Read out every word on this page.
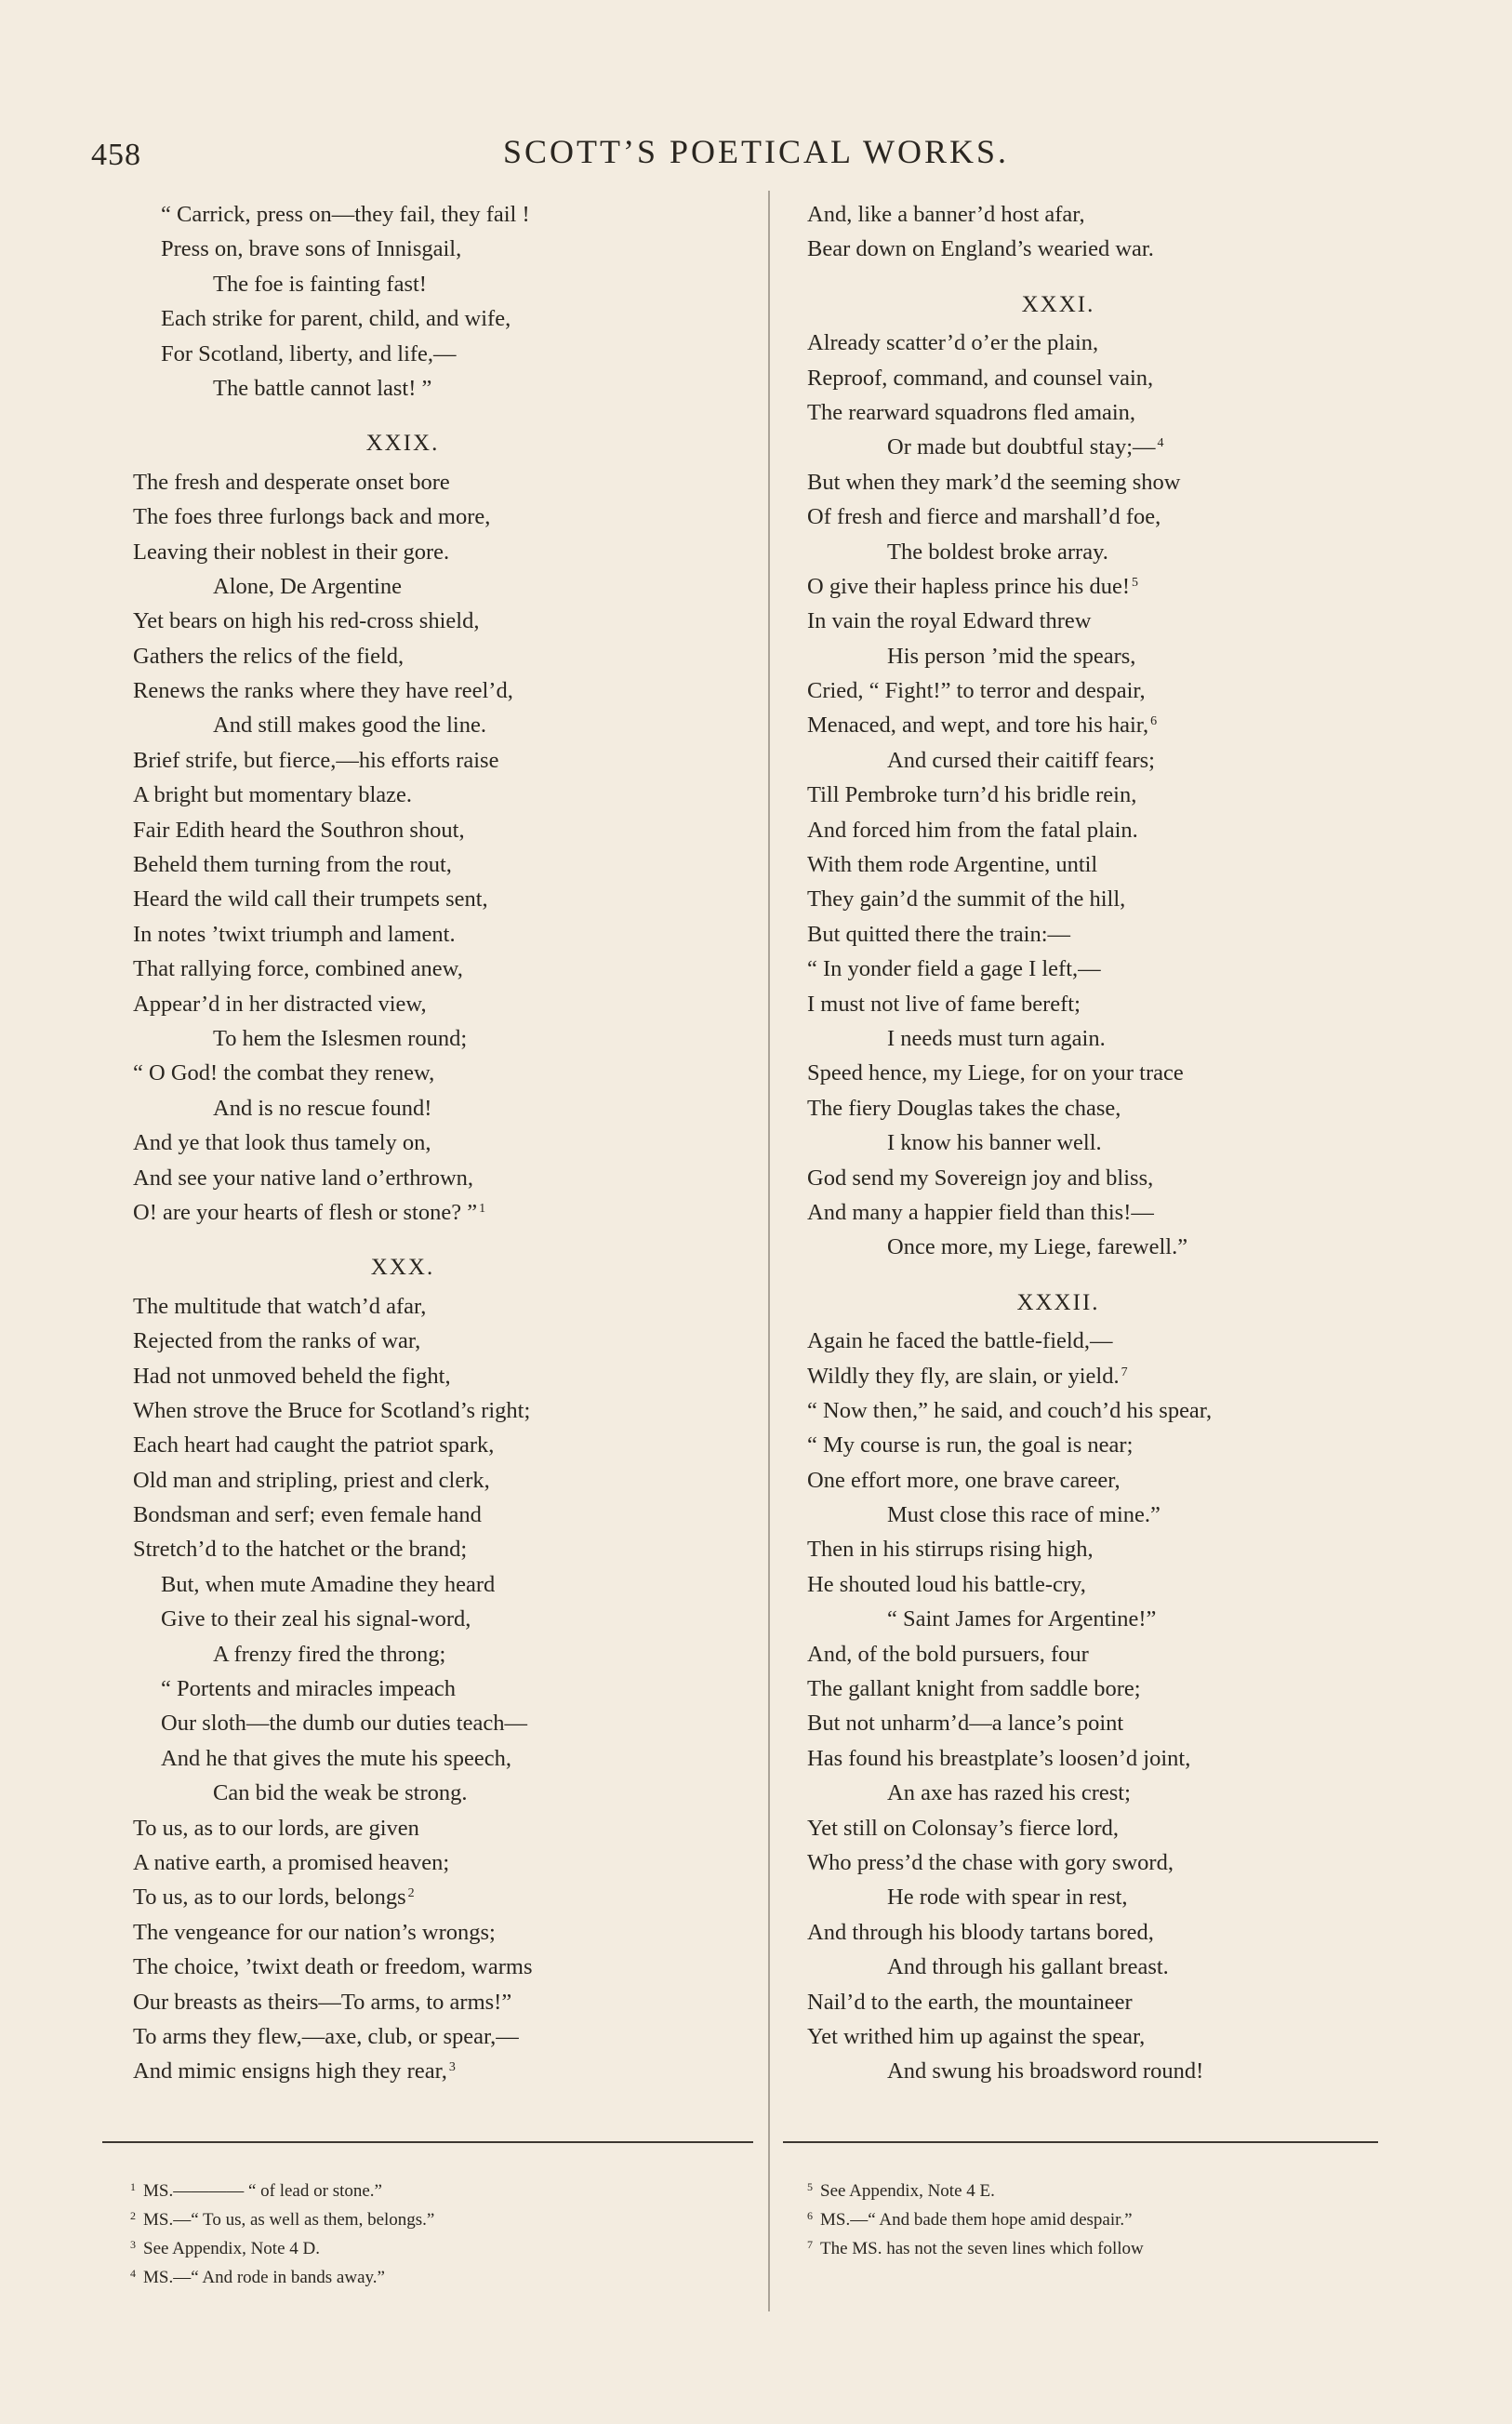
458	SCOTT’S POETICAL WORKS.
“ Carrick, press on—they fail, they fail !
Press on, brave sons of Innisgail,
The foe is fainting fast!
Each strike for parent, child, and wife,
For Scotland, liberty, and life,—
The battle cannot last! ”
XXIX.
The fresh and desperate onset bore
The foes three furlongs back and more,
Leaving their noblest in their gore.
Alone, De Argentine
Yet bears on high his red-cross shield,
Gathers the relics of the field,
Renews the ranks where they have reel’d,
And still makes good the line.
Brief strife, but fierce,—his efforts raise
A bright but momentary blaze.
Fair Edith heard the Southron shout,
Beheld them turning from the rout,
Heard the wild call their trumpets sent,
In notes ’twixt triumph and lament.
That rallying force, combined anew,
Appear’d in her distracted view,
To hem the Islesmen round;
“ O God! the combat they renew,
And is no rescue found!
And ye that look thus tamely on,
And see your native land o’erthrown,
O! are your hearts of flesh or stone? ” $^1$
XXX.
The multitude that watch’d afar,
Rejected from the ranks of war,
Had not unmoved beheld the fight,
When strove the Bruce for Scotland’s right;
Each heart had caught the patriot spark,
Old man and stripling, priest and clerk,
Bondsman and serf; even female hand
Stretch’d to the hatchet or the brand;
But, when mute Amadine they heard
Give to their zeal his signal-word,
A frenzy fired the throng;
“ Portents and miracles impeach
Our sloth—the dumb our duties teach—
And he that gives the mute his speech,
Can bid the weak be strong.
To us, as to our lords, are given
A native earth, a promised heaven;
To us, as to our lords, belongs $^2$
The vengeance for our nation’s wrongs;
The choice, ’twixt death or freedom, warms
Our breasts as theirs—To arms, to arms!”
To arms they flew,—axe, club, or spear,—
And mimic ensigns high they rear, $^3$
And, like a banner’d host afar,
Bear down on England’s wearied war.
XXXI.
Already scatter’d o’er the plain,
Reproof, command, and counsel vain,
The rearward squadrons fled amain,
Or made but doubtful stay;— $^4$
But when they mark’d the seeming show
Of fresh and fierce and marshall’d foe,
The boldest broke array.
O give their hapless prince his due! $^5$
In vain the royal Edward threw
His person ’mid the spears,
Cried, “ Fight!” to terror and despair,
Menaced, and wept, and tore his hair, $^6$
And cursed their caitiff fears;
Till Pembroke turn’d his bridle rein,
And forced him from the fatal plain.
With them rode Argentine, until
They gain’d the summit of the hill,
But quitted there the train:—
“ In yonder field a gage I left,—
I must not live of fame bereft;
I needs must turn again.
Speed hence, my Liege, for on your trace
The fiery Douglas takes the chase,
I know his banner well.
God send my Sovereign joy and bliss,
And many a happier field than this!—
Once more, my Liege, farewell.”
XXXII.
Again he faced the battle-field,—
Wildly they fly, are slain, or yield. $^7$
“ Now then,” he said, and couch’d his spear,
“ My course is run, the goal is near;
One effort more, one brave career,
Must close this race of mine.”
Then in his stirrups rising high,
He shouted loud his battle-cry,
“ Saint James for Argentine!”
And, of the bold pursuers, four
The gallant knight from saddle bore;
But not unharm’d—a lance’s point
Has found his breastplate’s loosen’d joint,
An axe has razed his crest;
Yet still on Colonsay’s fierce lord,
Who press’d the chase with gory sword,
He rode with spear in rest,
And through his bloody tartans bored,
And through his gallant breast.
Nail’d to the earth, the mountaineer
Yet writhed him up against the spear,
And swung his broadsword round!
$^1$ MS.———— “ of lead or stone.”
$^2$ MS.—“ To us, as well as them, belongs.”
$^3$ See Appendix, Note 4 D.
$^4$ MS.—“ And rode in bands away.”
$^5$ See Appendix, Note 4 E.
$^6$ MS.—“ And bade them hope amid despair.”
$^7$ The MS. has not the seven lines which follow
